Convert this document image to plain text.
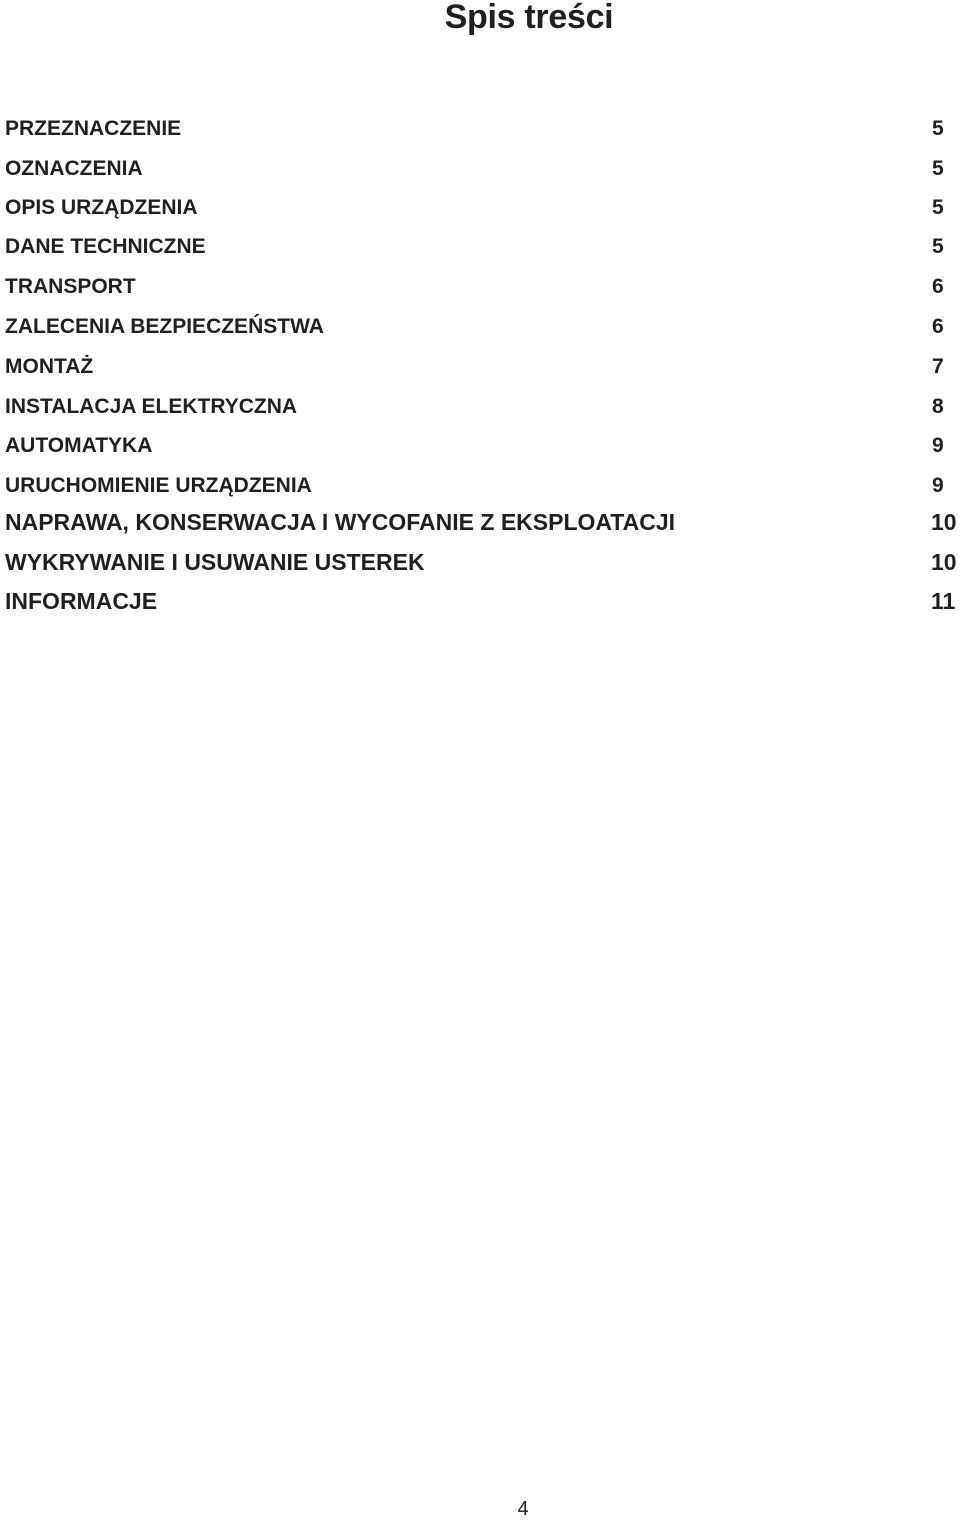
Spis treści
PRZEZNACZENIE	5
OZNACZENIA	5
OPIS URZĄDZENIA	5
DANE TECHNICZNE	5
TRANSPORT	6
ZALECENIA BEZPIECZEŃSTWA	6
MONTAŻ	7
INSTALACJA ELEKTRYCZNA	8
AUTOMATYKA	9
URUCHOMIENIE URZĄDZENIA	9
NAPRAWA, KONSERWACJA I WYCOFANIE Z EKSPLOATACJI	10
WYKRYWANIE I USUWANIE USTEREK	10
INFORMACJE	11
4
